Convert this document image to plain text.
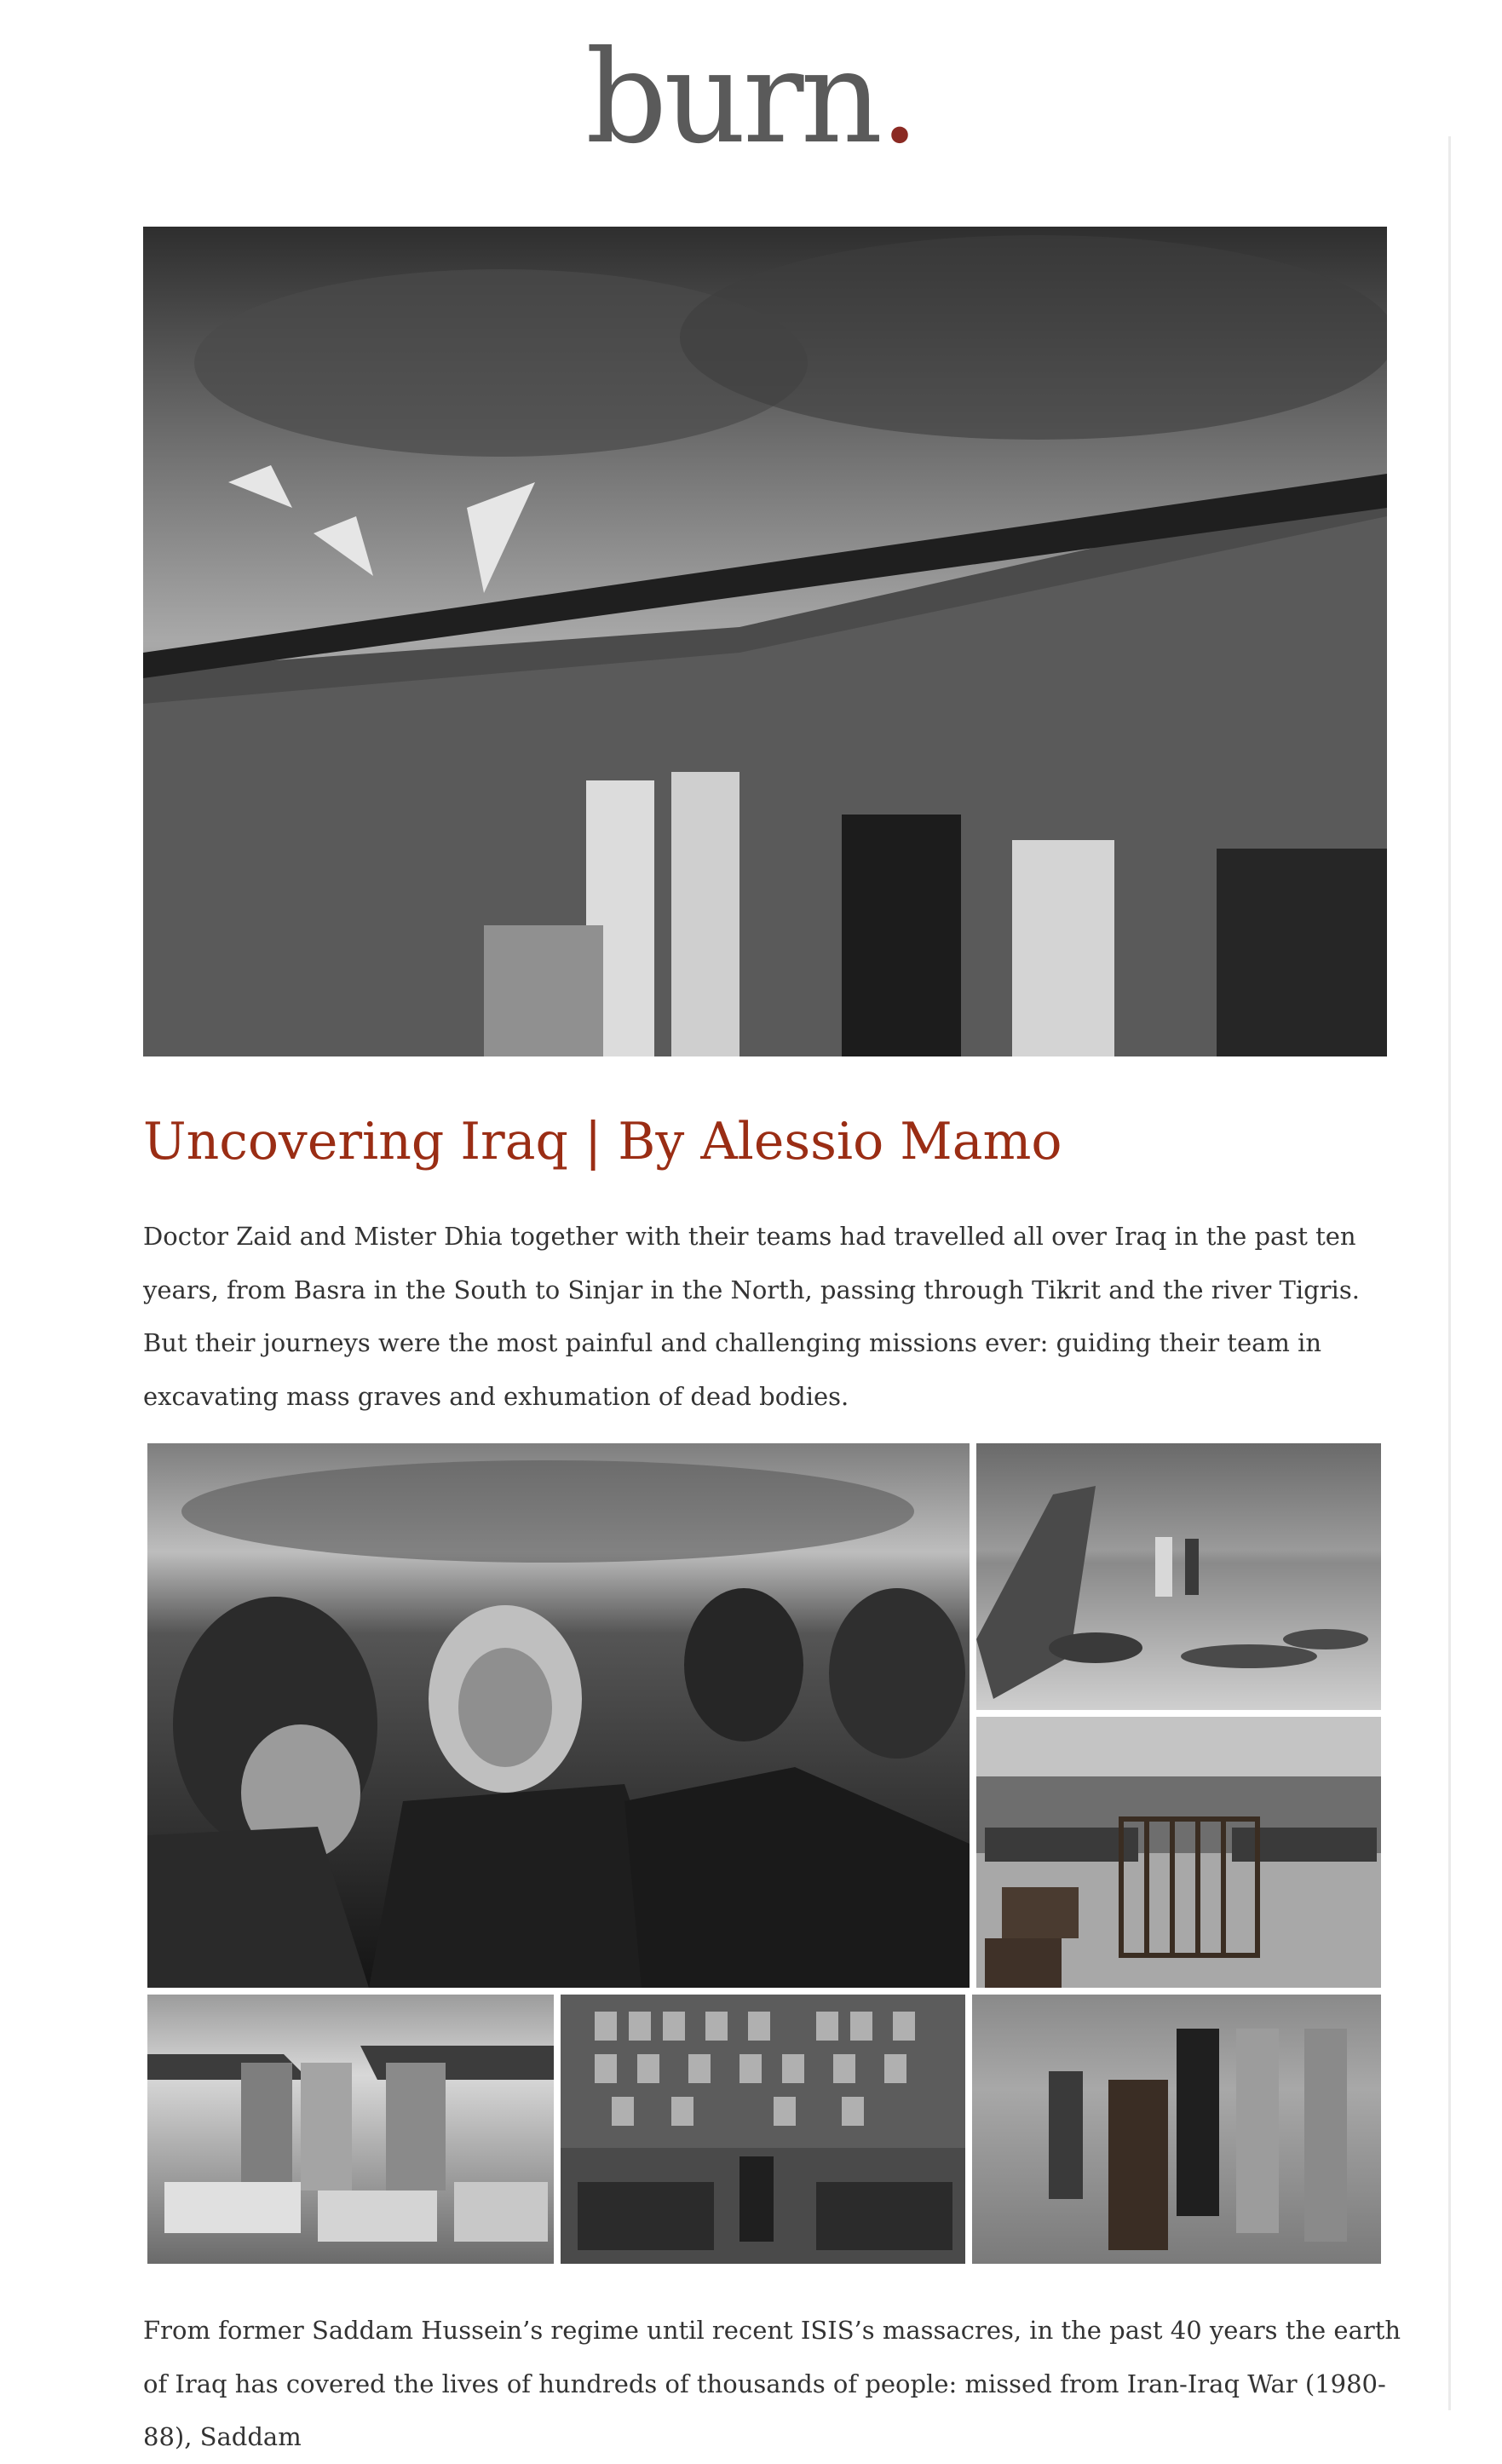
burn.
Uncovering Iraq | By Alessio Mamo

Doctor Zaid and Mister Dhia together with their teams had travelled all over Iraq in the past ten years, from Basra in the South to Sinjar in the North, passing through Tikrit and the river Tigris. But their journeys were the most painful and challenging missions ever: guiding their team in excavating mass graves and exhumation of dead bodies.

From former Saddam Hussein’s regime until recent ISIS’s massacres, in the past 40 years the earth of Iraq has covered the lives of hundreds of thousands of people: missed from Iran-Iraq War (1980-88), Saddam
